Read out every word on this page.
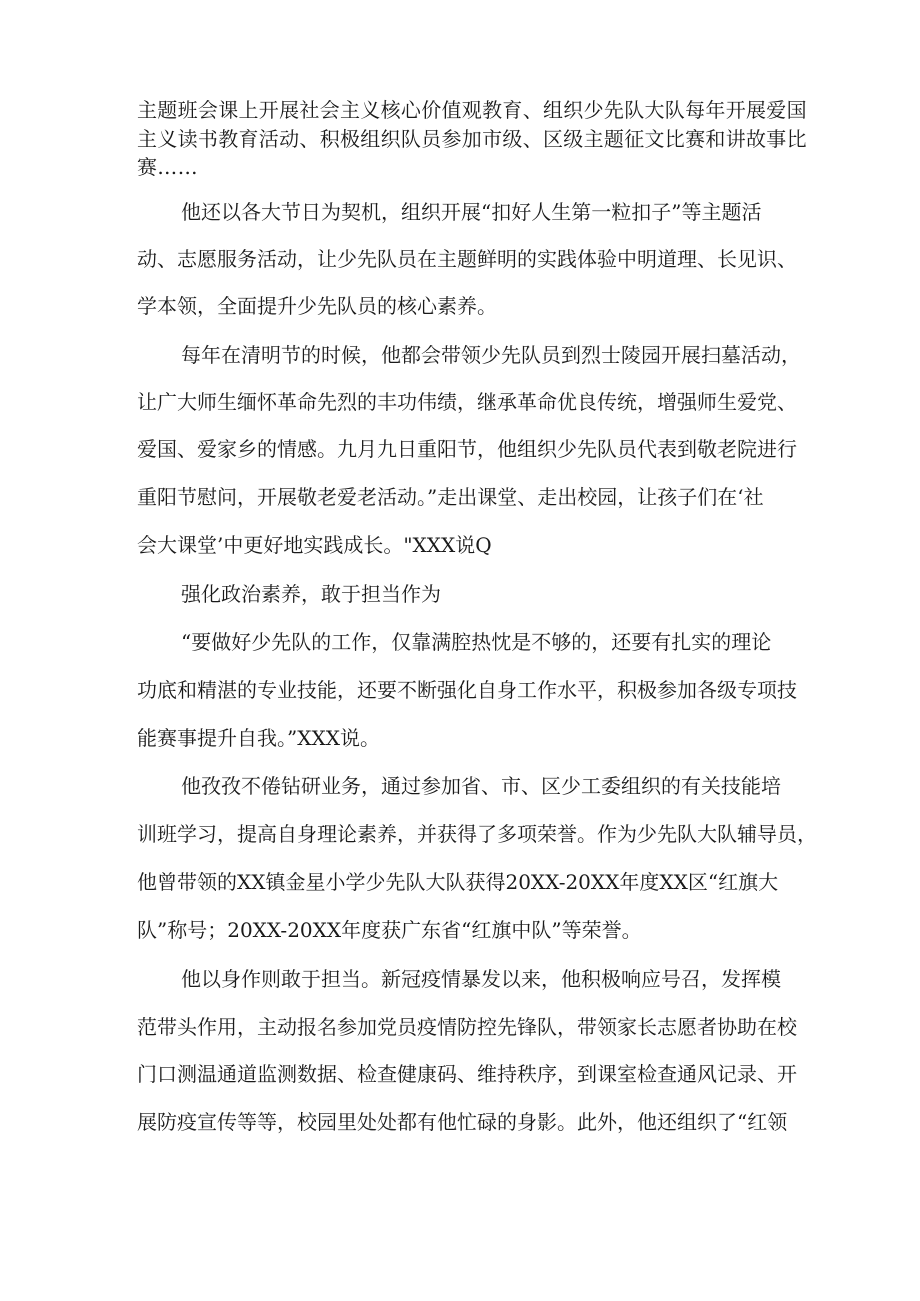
主题班会课上开展社会主义核心价值观教育、组织少先队大队每年开展爱国
主义读书教育活动、积极组织队员参加市级、区级主题征文比赛和讲故事比
赛……
他还以各大节日为契机，组织开展“扣好人生第一粒扣子”等主题活
动、志愿服务活动，让少先队员在主题鲜明的实践体验中明道理、长见识、
学本领，全面提升少先队员的核心素养。
每年在清明节的时候，他都会带领少先队员到烈士陵园开展扫墓活动，
让广大师生缅怀革命先烈的丰功伟绩，继承革命优良传统，增强师生爱党、
爱国、爱家乡的情感。九月九日重阳节，他组织少先队员代表到敬老院进行
重阳节慰问，开展敬老爱老活动。”走出课堂、走出校园，让孩子们在‘社
会大课堂’中更好地实践成长。"XXX说Q
强化政治素养，敢于担当作为
“要做好少先队的工作，仅靠满腔热忱是不够的，还要有扎实的理论
功底和精湛的专业技能，还要不断强化自身工作水平，积极参加各级专项技
能赛事提升自我。”XXX说。
他孜孜不倦钻研业务，通过参加省、市、区少工委组织的有关技能培
训班学习，提高自身理论素养，并获得了多项荣誉。作为少先队大队辅导员，
他曾带领的XX镇金星小学少先队大队获得20XX-20XX年度XX区“红旗大
队”称号；20XX-20XX年度获广东省“红旗中队”等荣誉。
他以身作则敢于担当。新冠疫情暴发以来，他积极响应号召，发挥模
范带头作用，主动报名参加党员疫情防控先锋队，带领家长志愿者协助在校
门口测温通道监测数据、检查健康码、维持秩序，到课室检查通风记录、开
展防疫宣传等等，校园里处处都有他忙碌的身影。此外，他还组织了“红领
